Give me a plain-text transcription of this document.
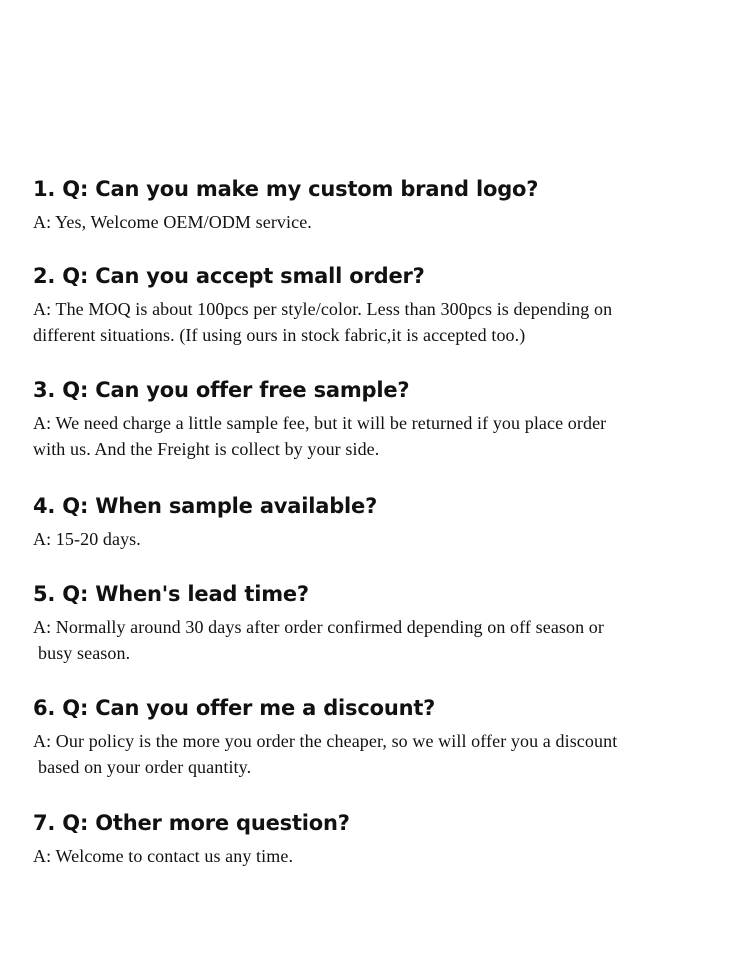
1. Q: Can you make my custom brand logo?

A: Yes, Welcome OEM/ODM service.

2. Q: Can you accept small order?

A: The MOQ is about 100pcs per style/color. Less than 300pcs is depending on
different situations. (If using ours in stock fabric,it is accepted too.)

3. Q: Can you offer free sample?

A: We need charge a little sample fee, but it will be returned if you place order
with us. And the Freight is collect by your side.

4. Q: When sample available?

A: 15-20 days.

5. Q: When's lead time?

A: Normally around 30 days after order confirmed depending on off season or
busy season.

6. Q: Can you offer me a discount?

A: Our policy is the more you order the cheaper, so we will offer you a discount
based on your order quantity.

7. Q: Other more question?

A: Welcome to contact us any time.
